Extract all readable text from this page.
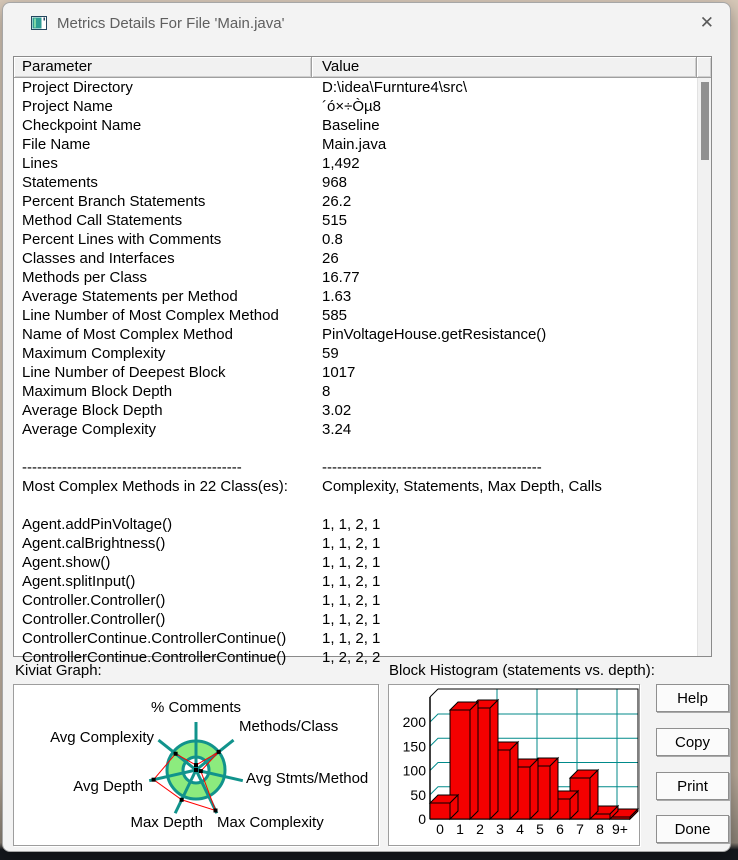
Metrics Details For File 'Main.java'	✕
Parameter	Value
Project Directory	D:\idea\Furnture4\src\
Project Name	´ó×÷Òµ8
Checkpoint Name	Baseline
File Name	Main.java
Lines	1,492
Statements	968
Percent Branch Statements	26.2
Method Call Statements	515
Percent Lines with Comments	0.8
Classes and Interfaces	26
Methods per Class	16.77
Average Statements per Method	1.63
Line Number of Most Complex Method	585
Name of Most Complex Method	PinVoltageHouse.getResistance()
Maximum Complexity	59
Line Number of Deepest Block	1017
Maximum Block Depth	8
Average Block Depth	3.02
Average Complexity	3.24
--------------------------------------------	--------------------------------------------
Most Complex Methods in 22 Class(es):	Complexity, Statements, Max Depth, Calls
Agent.addPinVoltage()	1, 1, 2, 1
Agent.calBrightness()	1, 1, 2, 1
Agent.show()	1, 1, 2, 1
Agent.splitInput()	1, 1, 2, 1
Controller.Controller()	1, 1, 2, 1
Controller.Controller()	1, 1, 2, 1
ControllerContinue.ControllerContinue()	1, 1, 2, 1
ControllerContinue.ControllerContinue()	1, 2, 2, 2
Kiviat Graph:
% Comments
Methods/Class
Avg Stmts/Method
Max Complexity
Max Depth
Avg Depth
Avg Complexity
Block Histogram (statements vs. depth):
0
50
100
150
200
0 1 2 3 4 5 6 7 8 9+
Help
Copy
Print
Done
